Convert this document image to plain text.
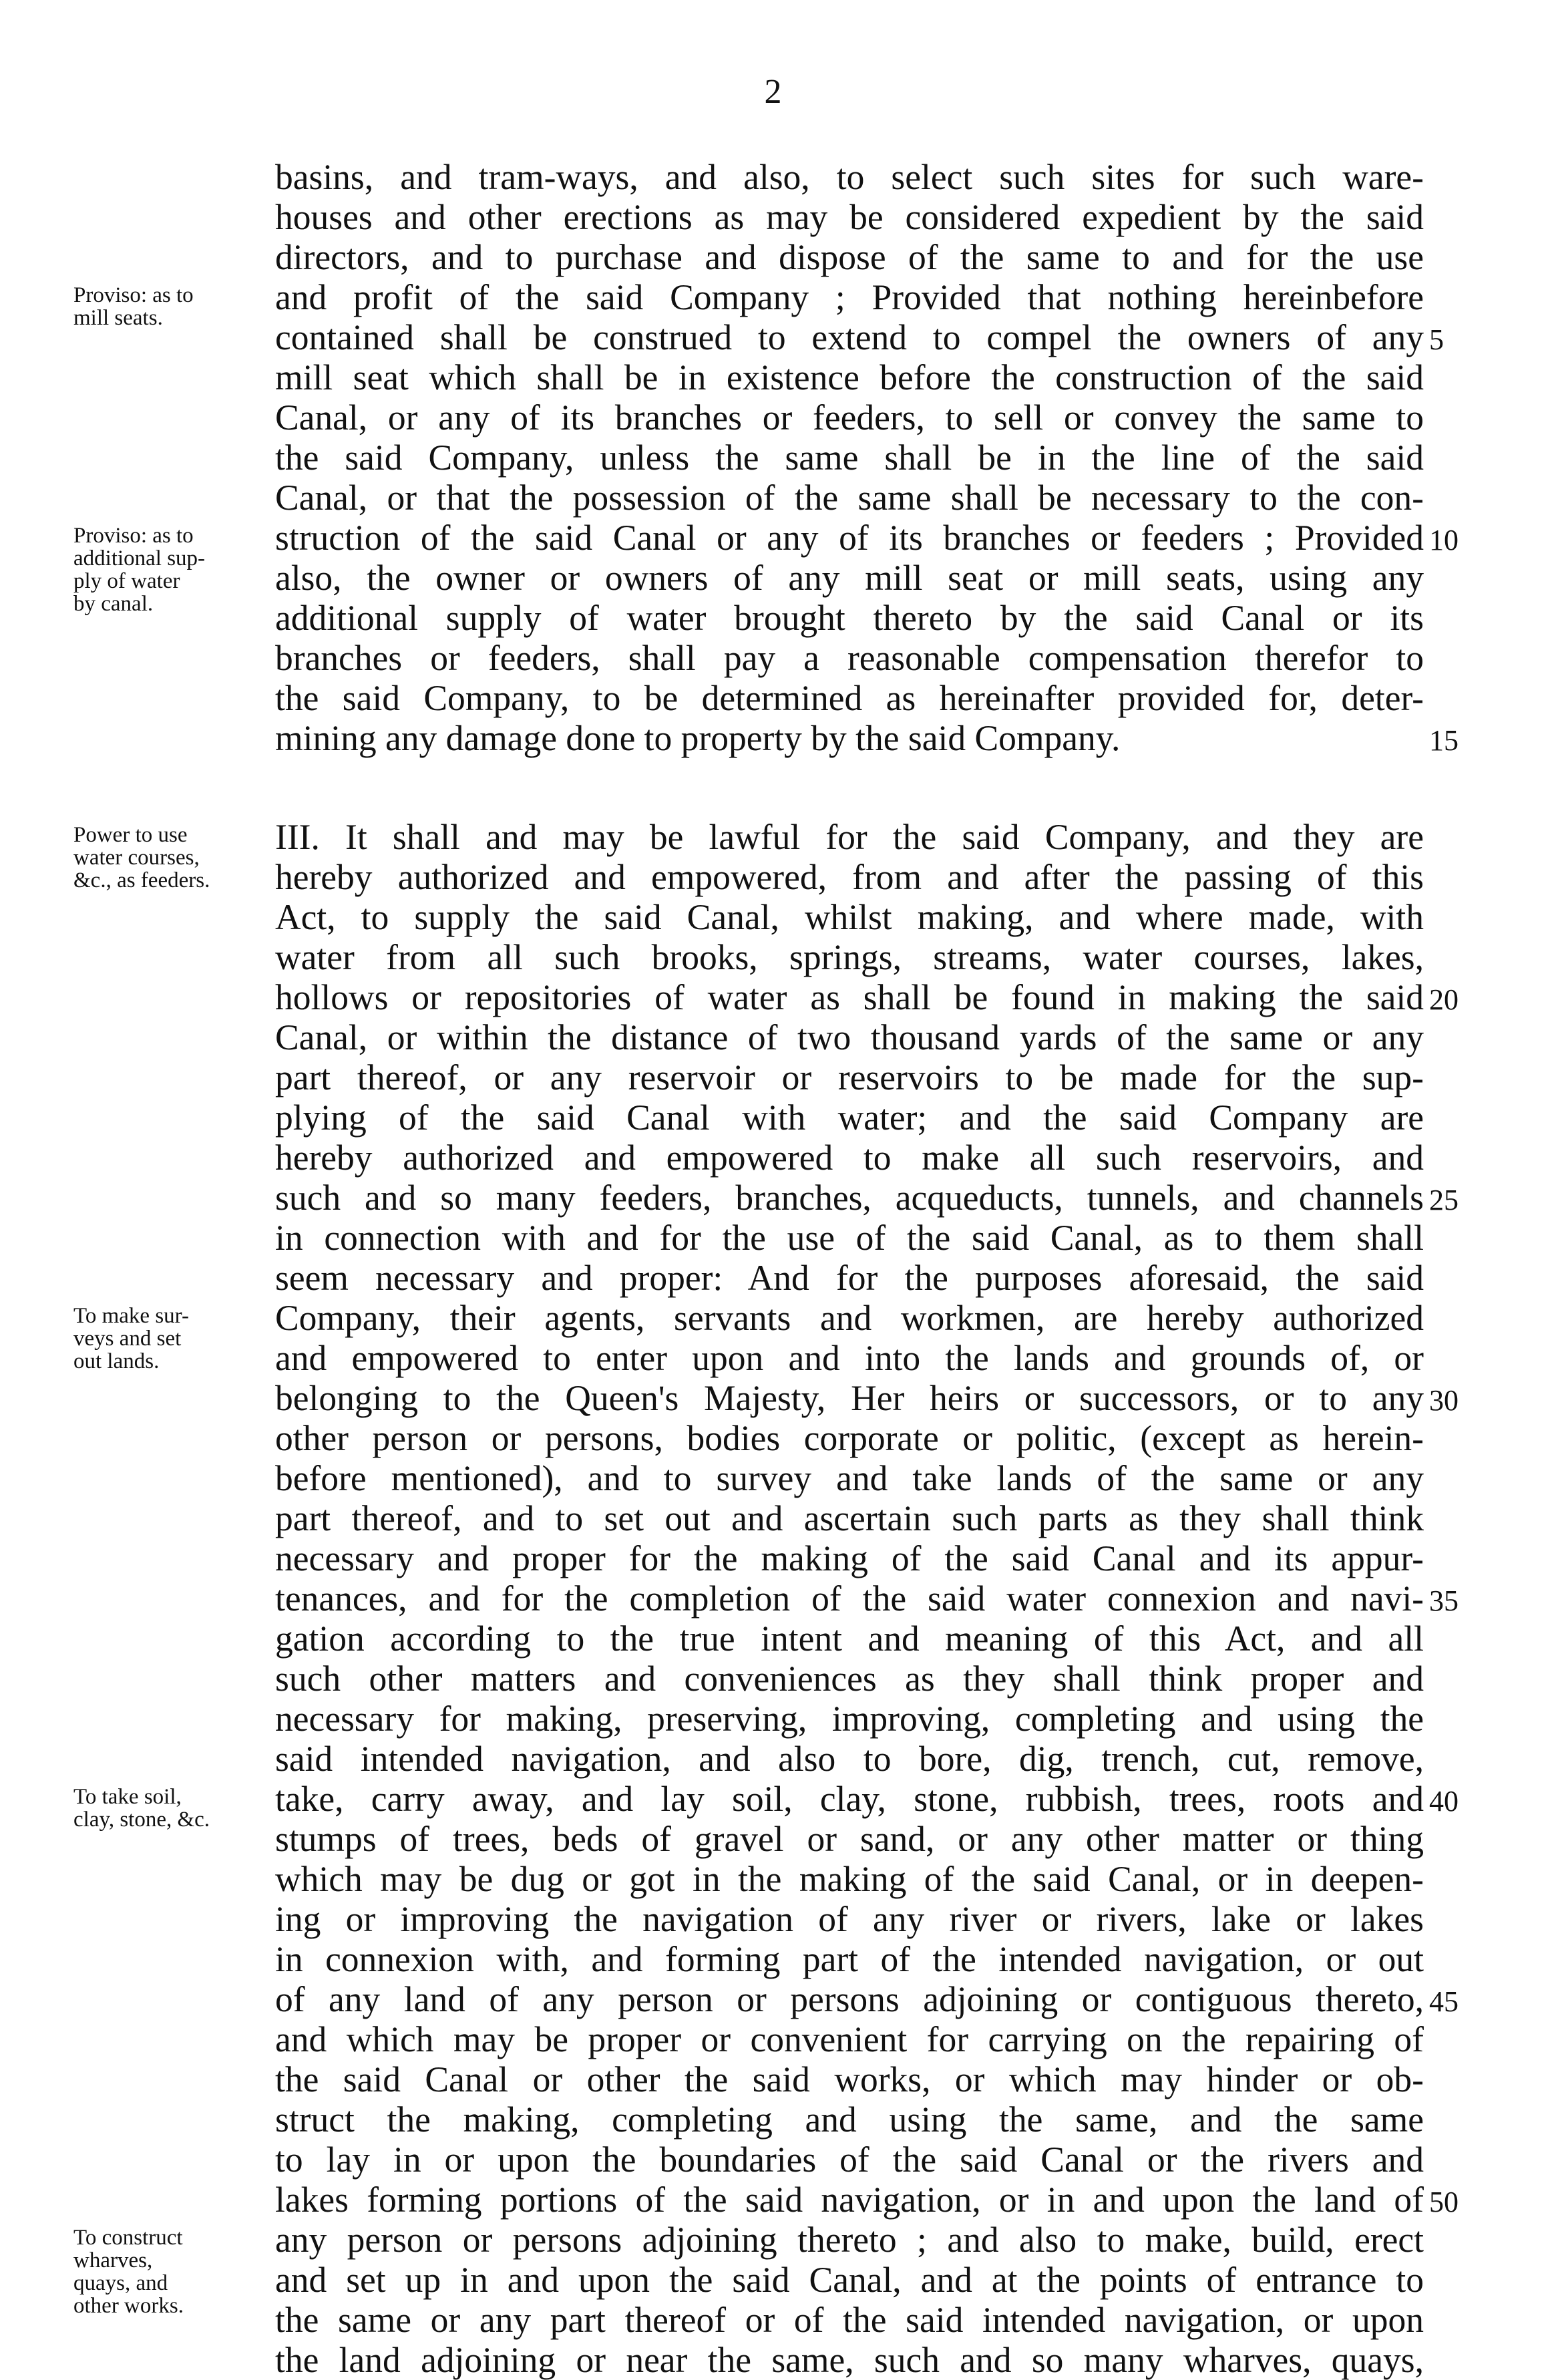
2
basins, and tram-ways, and also, to select such sites for such ware-
houses and other erections as may be considered expedient by the said
directors, and to purchase and dispose of the same to and for the use
and profit of the said Company ; Provided that nothing hereinbefore
contained shall be construed to extend to compel the owners of any
mill seat which shall be in existence before the construction of the said
Canal, or any of its branches or feeders, to sell or convey the same to
the said Company, unless the same shall be in the line of the said
Canal, or that the possession of the same shall be necessary to the con-
struction of the said Canal or any of its branches or feeders ; Provided
also, the owner or owners of any mill seat or mill seats, using any
additional supply of water brought thereto by the said Canal or its
branches or feeders, shall pay a reasonable compensation therefor to
the said Company, to be determined as hereinafter provided for, deter-
mining any damage done to property by the said Company.
III. It shall and may be lawful for the said Company, and they are
hereby authorized and empowered, from and after the passing of this
Act, to supply the said Canal, whilst making, and where made, with
water from all such brooks, springs, streams, water courses, lakes,
hollows or repositories of water as shall be found in making the said
Canal, or within the distance of two thousand yards of the same or any
part thereof, or any reservoir or reservoirs to be made for the sup-
plying of the said Canal with water; and the said Company are
hereby authorized and empowered to make all such reservoirs, and
such and so many feeders, branches, acqueducts, tunnels, and channels
in connection with and for the use of the said Canal, as to them shall
seem necessary and proper: And for the purposes aforesaid, the said
Company, their agents, servants and workmen, are hereby authorized
and empowered to enter upon and into the lands and grounds of, or
belonging to the Queen's Majesty, Her heirs or successors, or to any
other person or persons, bodies corporate or politic, (except as herein-
before mentioned), and to survey and take lands of the same or any
part thereof, and to set out and ascertain such parts as they shall think
necessary and proper for the making of the said Canal and its appur-
tenances, and for the completion of the said water connexion and navi-
gation according to the true intent and meaning of this Act, and all
such other matters and conveniences as they shall think proper and
necessary for making, preserving, improving, completing and using the
said intended navigation, and also to bore, dig, trench, cut, remove,
take, carry away, and lay soil, clay, stone, rubbish, trees, roots and
stumps of trees, beds of gravel or sand, or any other matter or thing
which may be dug or got in the making of the said Canal, or in deepen-
ing or improving the navigation of any river or rivers, lake or lakes
in connexion with, and forming part of the intended navigation, or out
of any land of any person or persons adjoining or contiguous thereto,
and which may be proper or convenient for carrying on the repairing of
the said Canal or other the said works, or which may hinder or ob-
struct the making, completing and using the same, and the same
to lay in or upon the boundaries of the said Canal or the rivers and
lakes forming portions of the said navigation, or in and upon the land of
any person or persons adjoining thereto ; and also to make, build, erect
and set up in and upon the said Canal, and at the points of entrance to
the same or any part thereof or of the said intended navigation, or upon
the land adjoining or near the same, such and so many wharves, quays,
5
10
15
20
25
30
35
40
45
50
Proviso: as to
mill seats.
Proviso: as to
additional sup-
ply of water
by canal.
Power to use
water courses,
&c., as feeders.
To make sur-
veys and set
out lands.
To take soil,
clay, stone, &c.
To construct
wharves,
quays, and
other works.
